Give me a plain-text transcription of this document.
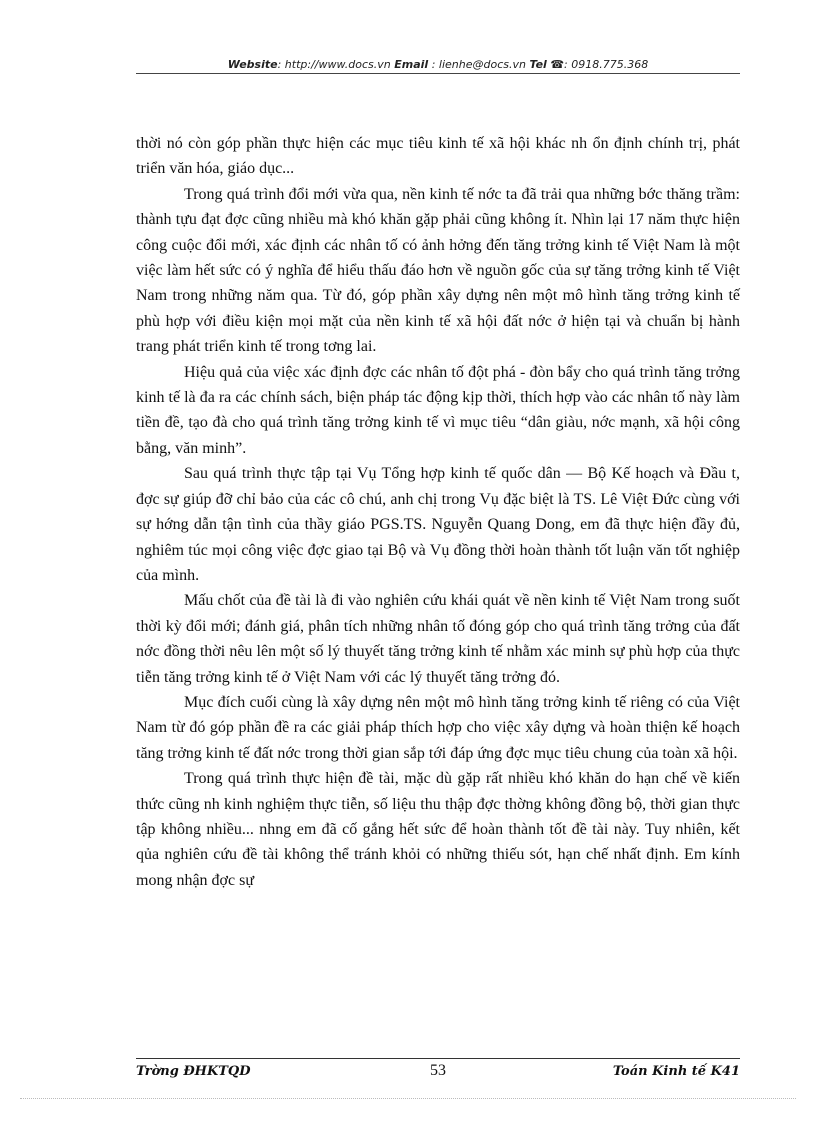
Website: http://www.docs.vn Email : lienhe@docs.vn Tel ☎: 0918.775.368

thời nó còn góp phần thực hiện các mục tiêu kinh tế xã hội khác nh ổn định chính trị, phát triển văn hóa, giáo dục...

Trong quá trình đổi mới vừa qua, nền kinh tế nớc ta đã trải qua những bớc thăng trầm: thành tựu đạt đợc cũng nhiều mà khó khăn gặp phải cũng không ít. Nhìn lại 17 năm thực hiện công cuộc đổi mới, xác định các nhân tố có ảnh hởng đến tăng trởng kinh tế Việt Nam là một việc làm hết sức có ý nghĩa để hiểu thấu đáo hơn về nguồn gốc của sự tăng trởng kinh tế Việt Nam trong những năm qua. Từ đó, góp phần xây dựng nên một mô hình tăng trởng kinh tế phù hợp với điều kiện mọi mặt của nền kinh tế xã hội đất nớc ở hiện tại và chuẩn bị hành trang phát triển kinh tế trong tơng lai.

Hiệu quả của việc xác định đợc các nhân tố đột phá - đòn bẩy cho quá trình tăng trởng kinh tế là đa ra các chính sách, biện pháp tác động kịp thời, thích hợp vào các nhân tố này làm tiền đề, tạo đà cho quá trình tăng trởng kinh tế vì mục tiêu “dân giàu, nớc mạnh, xã hội công bằng, văn minh”.

Sau quá trình thực tập tại Vụ Tổng hợp kinh tế quốc dân — Bộ Kế hoạch và Đầu t, đợc sự giúp đỡ chỉ bảo của các cô chú, anh chị trong Vụ đặc biệt là TS. Lê Việt Đức cùng với sự hớng dẫn tận tình của thầy giáo PGS.TS. Nguyễn Quang Dong, em đã thực hiện đầy đủ, nghiêm túc mọi công việc đợc giao tại Bộ và Vụ đồng thời hoàn thành tốt luận văn tốt nghiệp của mình.

Mấu chốt của đề tài là đi vào nghiên cứu khái quát về nền kinh tế Việt Nam trong suốt thời kỳ đổi mới; đánh giá, phân tích những nhân tố đóng góp cho quá trình tăng trởng của đất nớc đồng thời nêu lên một số lý thuyết tăng trởng kinh tế nhằm xác minh sự phù hợp của thực tiễn tăng trởng kinh tế ở Việt Nam với các lý thuyết tăng trởng đó.

Mục đích cuối cùng là xây dựng nên một mô hình tăng trởng kinh tế riêng có của Việt Nam từ đó góp phần đề ra các giải pháp thích hợp cho việc xây dựng và hoàn thiện kế hoạch tăng trởng kinh tế đất nớc trong thời gian sắp tới đáp ứng đợc mục tiêu chung của toàn xã hội.

Trong quá trình thực hiện đề tài, mặc dù gặp rất nhiều khó khăn do hạn chế về kiến thức cũng nh kinh nghiệm thực tiễn, số liệu thu thập đợc thờng không đồng bộ, thời gian thực tập không nhiều... nhng em đã cố gắng hết sức để hoàn thành tốt đề tài này. Tuy nhiên, kết qủa nghiên cứu đề tài không thể tránh khỏi có những thiếu sót, hạn chế nhất định. Em kính mong nhận đợc sự

Trờng ĐHKTQD	53	Toán Kinh tế K41
